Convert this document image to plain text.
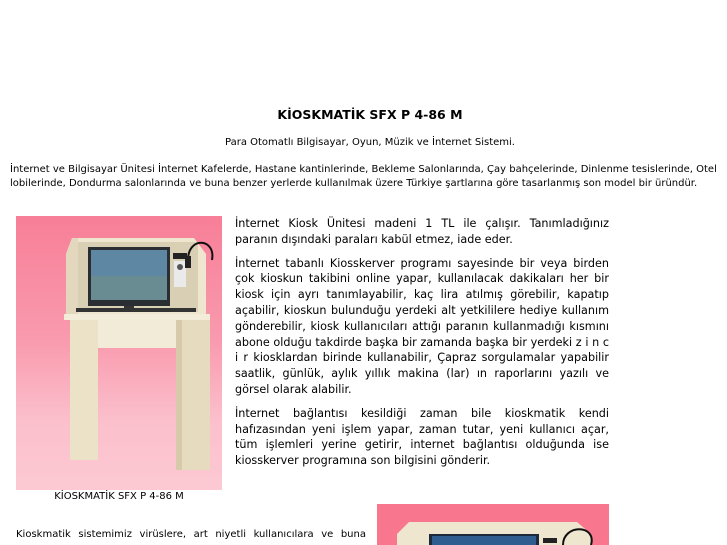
KİOSKMATİK SFX P 4-86 M
Para Otomatlı Bilgisayar, Oyun, Müzik ve İnternet Sistemi.
İnternet ve Bilgisayar Ünitesi İnternet Kafelerde, Hastane kantinlerinde, Bekleme Salonlarında, Çay bahçelerinde, Dinlenme tesislerinde, Otel lobilerinde, Dondurma salonlarında ve buna benzer yerlerde kullanılmak üzere Türkiye şartlarına göre tasarlanmış son model bir üründür.
KİOSKMATİK SFX P 4-86 M

İnternet Kiosk Ünitesi madeni 1 TL ile çalışır. Tanımladığınız paranın dışındaki paraları kabül etmez, iade eder.

İnternet tabanlı Kiosskerver programı sayesinde bir veya birden çok kioskun takibini online yapar, kullanılacak dakikaları her bir kiosk için ayrı tanımlayabilir, kaç lira atılmış görebilir, kapatıp açabilir, kioskun bulunduğu yerdeki alt yetkililere hediye kullanım gönderebilir, kiosk kullanıcıları attığı paranın kullanmadığı kısmını abone olduğu takdirde başka bir zamanda başka bir yerdeki z i n c i r kiosklardan birinde kullanabilir, Çapraz sorgulamalar yapabilir saatlik, günlük, aylık yıllık makina (lar) ın raporlarını yazılı ve görsel olarak alabilir.

İnternet bağlantısı kesildiği zaman bile kioskmatik kendi hafızasından yeni işlem yapar, zaman tutar, yeni kullanıcı açar, tüm işlemleri yerine getirir, internet bağlantısı olduğunda ise kiosskerver programına son bilgisini gönderir.

Kioskmatik sistemimiz virüslere, art niyetli kullanıcılara ve buna
